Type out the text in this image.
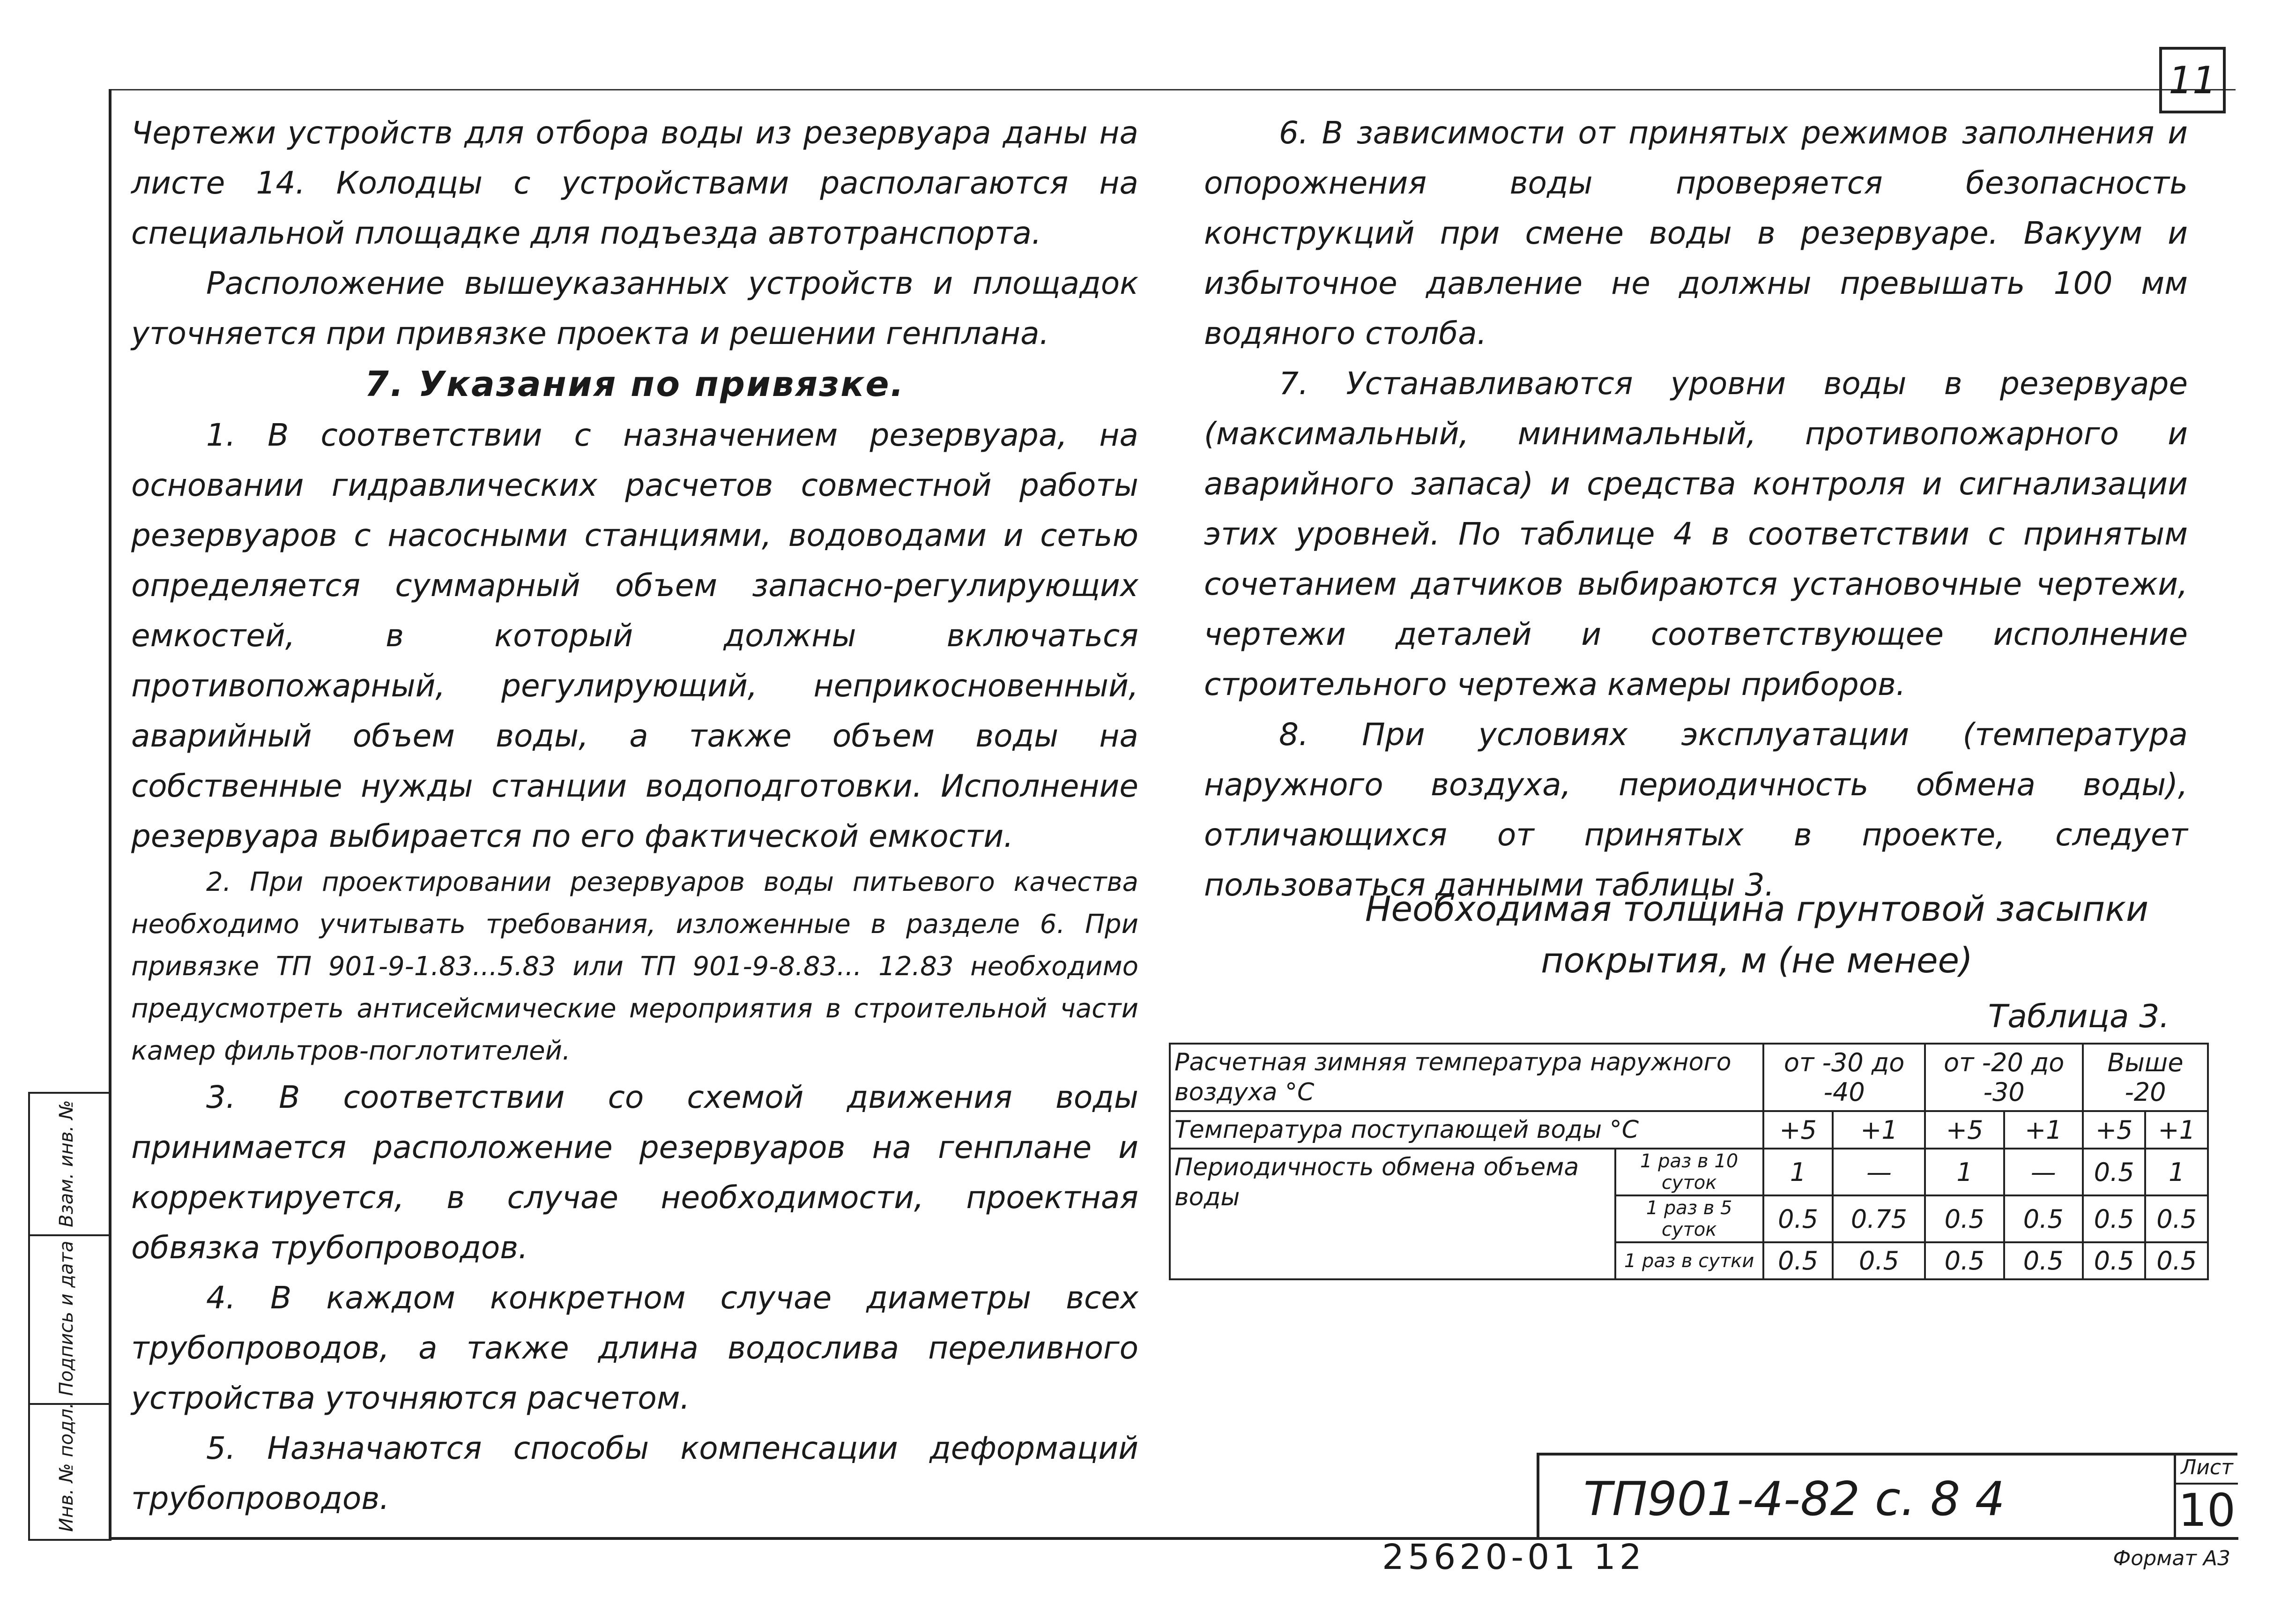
11

Чертежи устройств для отбора воды из резервуара даны на листе 14. Колодцы с устройствами располагаются на специальной площадке для подъезда автотранспорта.

Расположение вышеуказанных устройств и площадок уточняется при привязке проекта и решении генплана.

7. Указания по привязке.

1. В соответствии с назначением резервуара, на основании гидравлических расчетов совместной работы резервуаров с насосными станциями, водоводами и сетью определяется суммарный объем запасно-регулирующих емкостей, в который должны включаться противопожарный, регулирующий, неприкосновенный, аварийный объем воды, а также объем воды на собственные нужды станции водоподготовки. Исполнение резервуара выбирается по его фактической емкости.

2. При проектировании резервуаров воды питьевого качества необходимо учитывать требования, изложенные в разделе 6. При привязке ТП 901-9-1.83...5.83 или ТП 901-9-8.83... 12.83 необходимо предусмотреть антисейсмические мероприятия в строительной части камер фильтров-поглотителей.

3. В соответствии со схемой движения воды принимается расположение резервуаров на генплане и корректируется, в случае необходимости, проектная обвязка трубопроводов.

4. В каждом конкретном случае диаметры всех трубопроводов, а также длина водослива переливного устройства уточняются расчетом.

5. Назначаются способы компенсации деформаций трубопроводов.

6. В зависимости от принятых режимов заполнения и опорожнения воды проверяется безопасность конструкций при смене воды в резервуаре. Вакуум и избыточное давление не должны превышать 100 мм водяного столба.

7. Устанавливаются уровни воды в резервуаре (максимальный, минимальный, противопожарного и аварийного запаса) и средства контроля и сигнализации этих уровней. По таблице 4 в соответствии с принятым сочетанием датчиков выбираются установочные чертежи, чертежи деталей и соответствующее исполнение строительного чертежа камеры приборов.

8. При условиях эксплуатации (температура наружного воздуха, периодичность обмена воды), отличающихся от принятых в проекте, следует пользоваться данными таблицы 3.

Необходимая толщина грунтовой засыпки
покрытия, м (не менее)
Таблица 3.
Расчетная зимняя температура наружного воздуха °С		от -30 до -40		от -20 до -30		Выше -20	
Температура поступающей воды °С		+5	+1	+5	+1	+5	+1
Периодичность обмена объема воды	1 раз в 10 суток	1	—	1	—	0.5	1
	1 раз в 5 суток	0.5	0.75	0.5	0.5	0.5	0.5
	1 раз в сутки	0.5	0.5	0.5	0.5	0.5	0.5
ТП901-4-82 с. 8 4
Лист
10
25620-01 12	Формат А3
Взам. инв. №
Подпись и дата
Инв. № подл.
